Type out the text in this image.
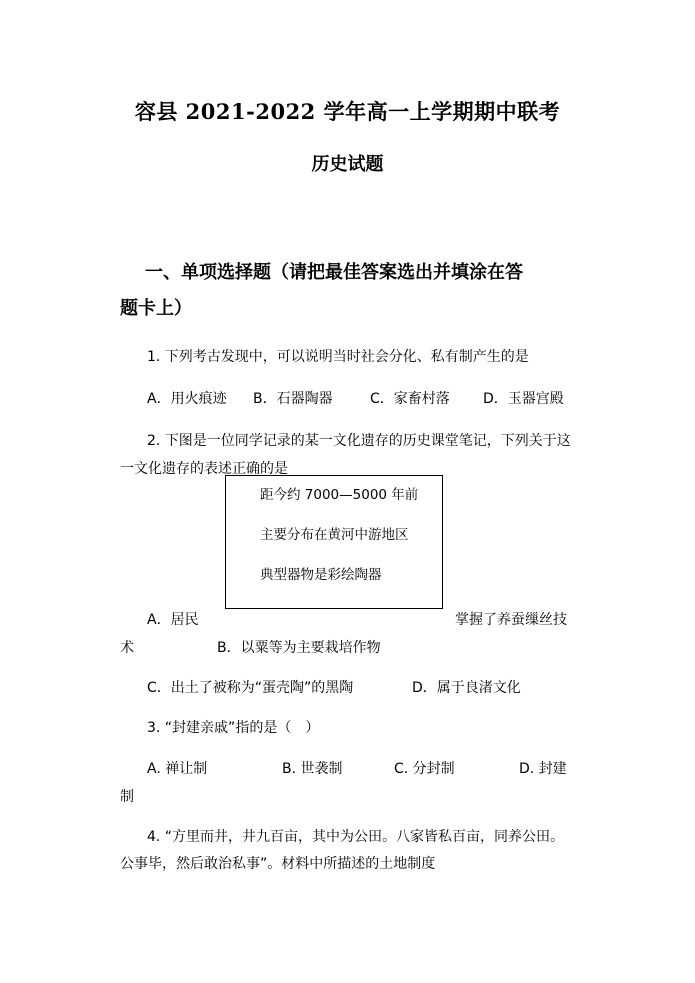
容县 2021-2022 学年高一上学期期中联考
历史试题
一、单项选择题（请把最佳答案选出并填涂在答
题卡上）
1. 下列考古发现中，可以说明当时社会分化、私有制产生的是
A．用火痕迹 B．石器陶器	C．家畜村落 D．玉器宫殿
2. 下图是一位同学记录的某一文化遗存的历史课堂笔记，下列关于这
一文化遗存的表述正确的是
距今约 7000—5000 年前
主要分布在黄河中游地区
典型器物是彩绘陶器
A．居民	掌握了养蚕缫丝技
术	B．以粟等为主要栽培作物
C．出土了被称为“蛋壳陶”的黑陶	D．属于良渚文化
3. “封建亲戚”指的是（　）
A. 禅让制	B. 世袭制	C. 分封制	D. 封建
制
4. “方里而井，井九百亩，其中为公田。八家皆私百亩，同养公田。
公事毕，然后敢治私事”。材料中所描述的土地制度
